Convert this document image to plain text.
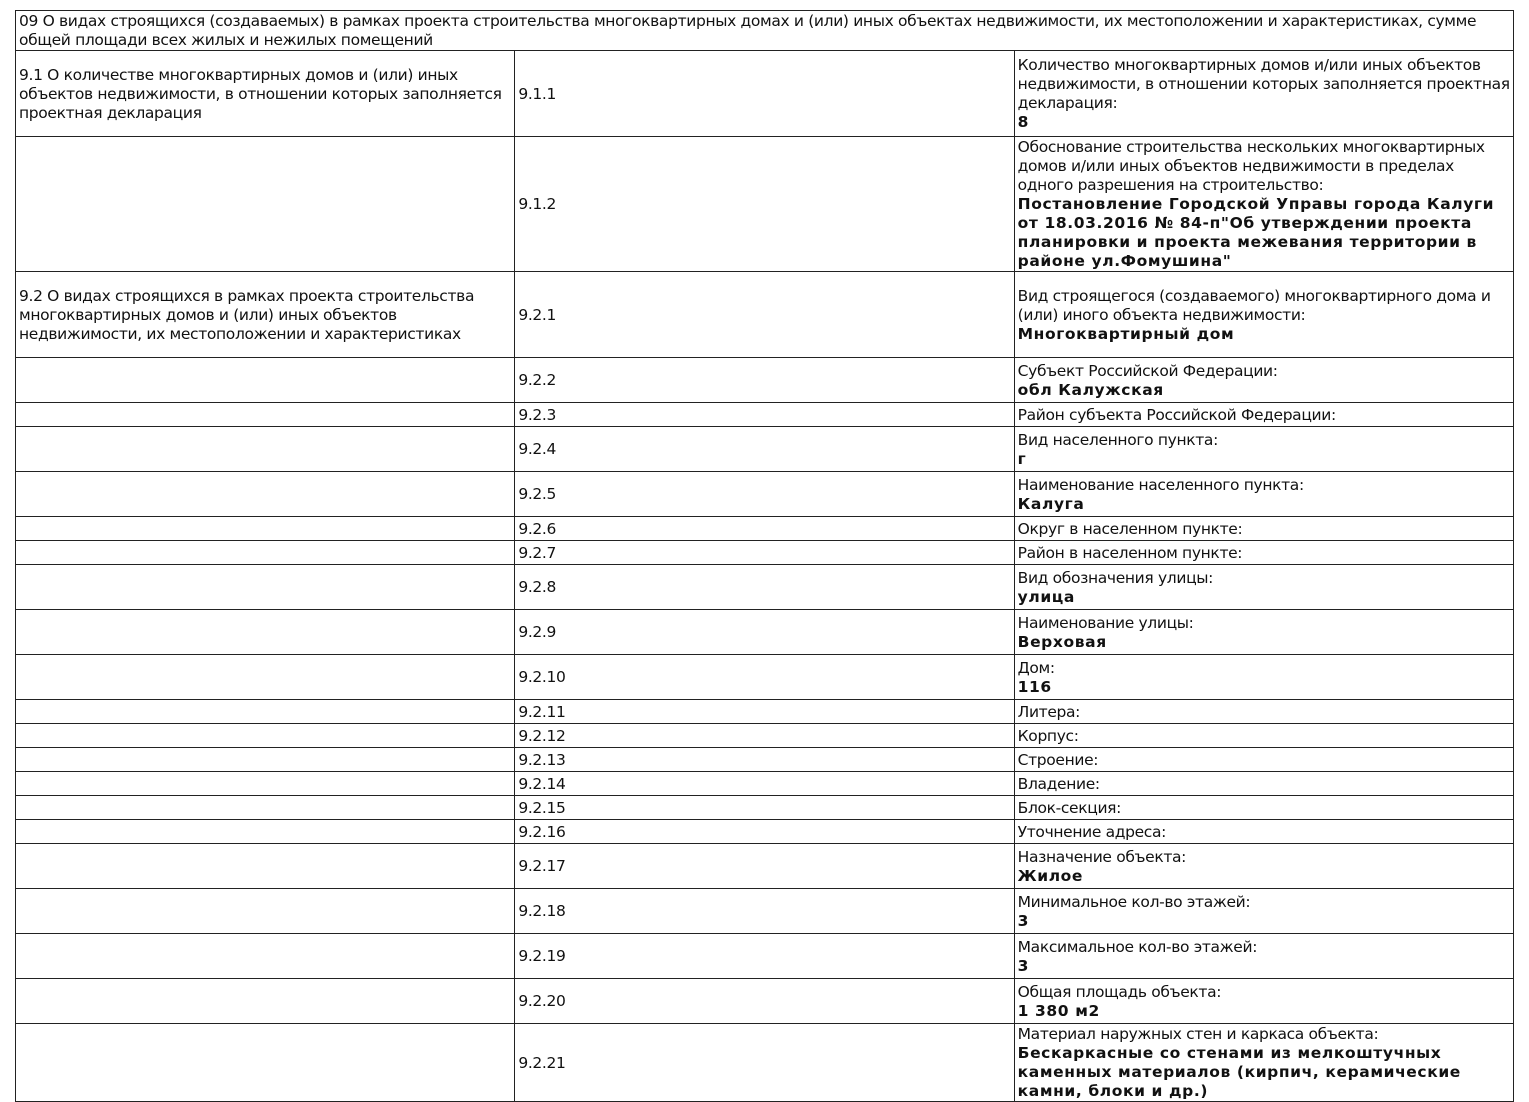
09 О видах строящихся (создаваемых) в рамках проекта строительства многоквартирных домах и (или) иных объектах недвижимости, их местоположении и характеристиках, сумме общей площади всех жилых и нежилых помещений		
9.1 О количестве многоквартирных домов и (или) иных объектов недвижимости, в отношении которых заполняется проектная декларация	9.1.1	Количество многоквартирных домов и/или иных объектов недвижимости, в отношении которых заполняется проектная декларация:
8

	9.1.2	Обоснование строительства нескольких многоквартирных домов и/или иных объектов недвижимости в пределах одного разрешения на строительство:
Постановление Городской Управы города Калуги от 18.03.2016 № 84-п"Об утверждении проекта планировки и проекта межевания территории в районе ул.Фомушина"

9.2 О видах строящихся в рамках проекта строительства многоквартирных домов и (или) иных объектов недвижимости, их местоположении и характеристиках	9.2.1	Вид строящегося (создаваемого) многоквартирного дома и (или) иного объекта недвижимости:
Многоквартирный дом

	9.2.2	Субъект Российской Федерации:
обл Калужская

	9.2.3	Район субъекта Российской Федерации:

	9.2.4	Вид населенного пункта:
г

	9.2.5	Наименование населенного пункта:
Калуга

	9.2.6	Округ в населенном пункте:

	9.2.7	Район в населенном пункте:

	9.2.8	Вид обозначения улицы:
улица

	9.2.9	Наименование улицы:
Верховая

	9.2.10	Дом:
116

	9.2.11	Литера:

	9.2.12	Корпус:

	9.2.13	Строение:

	9.2.14	Владение:

	9.2.15	Блок-секция:

	9.2.16	Уточнение адреса:

	9.2.17	Назначение объекта:
Жилое

	9.2.18	Минимальное кол-во этажей:
3

	9.2.19	Максимальное кол-во этажей:
3

	9.2.20	Общая площадь объекта:
1 380 м2

	9.2.21	Материал наружных стен и каркаса объекта:
Бескаркасные со стенами из мелкоштучных каменных материалов (кирпич, керамические камни, блоки и др.)
